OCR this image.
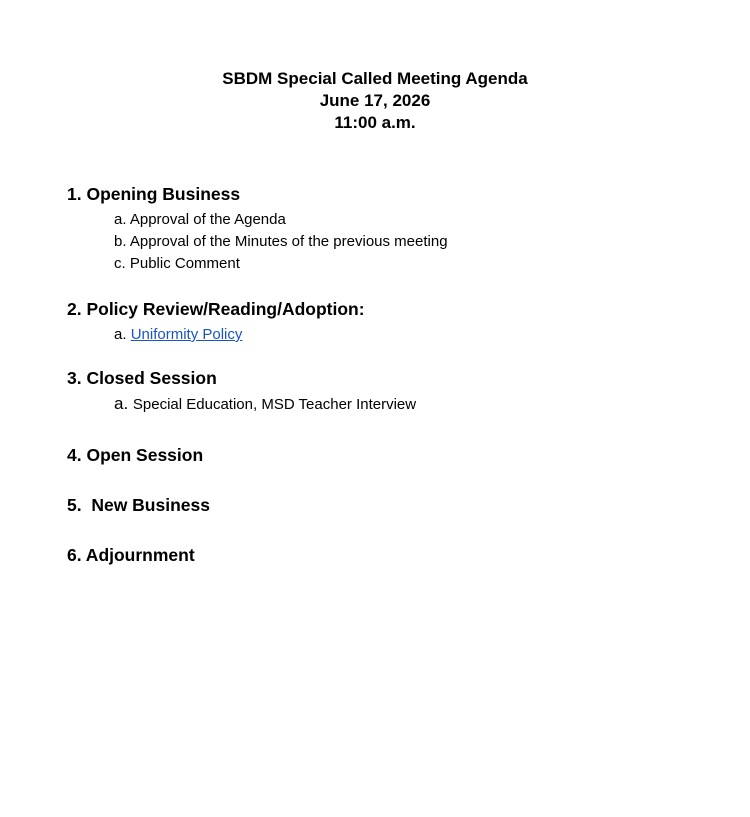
SBDM Special Called Meeting Agenda
June 17, 2026
11:00 a.m.
1. Opening Business
a. Approval of the Agenda
b. Approval of the Minutes of the previous meeting
c. Public Comment
2. Policy Review/Reading/Adoption:
a. Uniformity Policy
3. Closed Session
a. Special Education, MSD Teacher Interview
4. Open Session
5.  New Business
6. Adjournment
